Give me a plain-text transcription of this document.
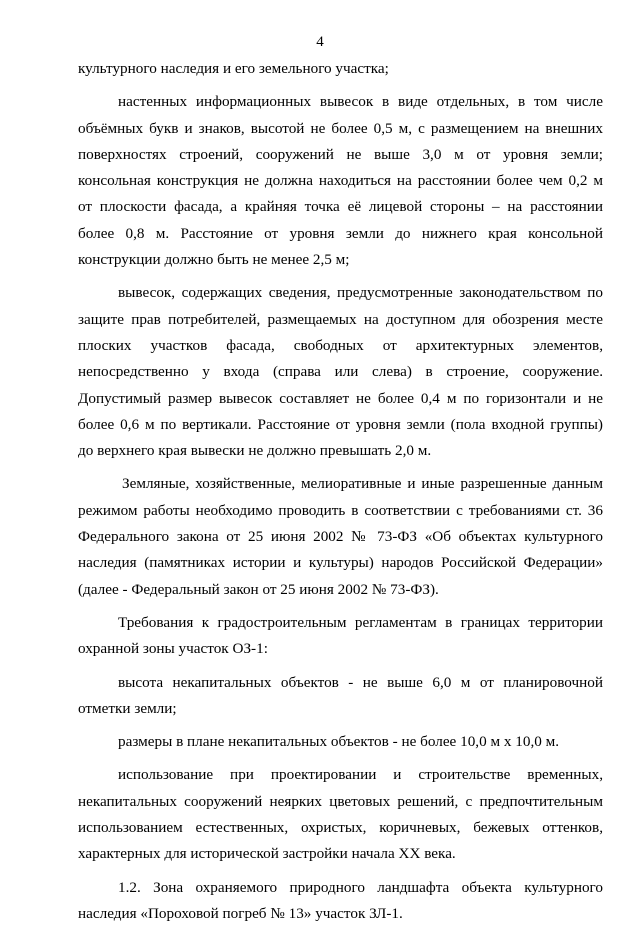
4
культурного наследия и его земельного участка;
настенных информационных вывесок в виде отдельных, в том числе
объёмных букв и знаков, высотой не более 0,5 м, с размещением на внешних
поверхностях строений, сооружений не выше 3,0 м от уровня земли;
консольная конструкция не должна находиться на расстоянии более чем 0,2 м
от плоскости фасада, а крайняя точка её лицевой стороны – на расстоянии
более 0,8 м. Расстояние от уровня земли до нижнего края консольной
конструкции должно быть не менее 2,5 м;
вывесок, содержащих сведения, предусмотренные законодательством по
защите прав потребителей, размещаемых на доступном для обозрения месте
плоских участков фасада, свободных от архитектурных элементов,
непосредственно у входа (справа или слева) в строение, сооружение.
Допустимый размер вывесок составляет не более 0,4 м по горизонтали и не
более 0,6 м по вертикали. Расстояние от уровня земли (пола входной группы)
до верхнего края вывески не должно превышать 2,0 м.
Земляные, хозяйственные, мелиоративные и иные разрешенные данным
режимом работы необходимо проводить в соответствии с требованиями ст. 36
Федерального закона от 25 июня 2002 № 73-ФЗ «Об объектах культурного
наследия (памятниках истории и культуры) народов Российской Федерации»
(далее - Федеральный закон от 25 июня 2002 № 73-ФЗ).
Требования к градостроительным регламентам в границах территории
охранной зоны участок ОЗ-1:
высота некапитальных объектов - не выше 6,0 м от планировочной
отметки земли;
размеры в плане некапитальных объектов - не более 10,0 м х 10,0 м.
использование при проектировании и строительстве временных,
некапитальных сооружений неярких цветовых решений, с предпочтительным
использованием естественных, охристых, коричневых, бежевых оттенков,
характерных для исторической застройки начала XX века.
1.2. Зона охраняемого природного ландшафта объекта культурного
наследия «Пороховой погреб № 13» участок ЗЛ-1.
